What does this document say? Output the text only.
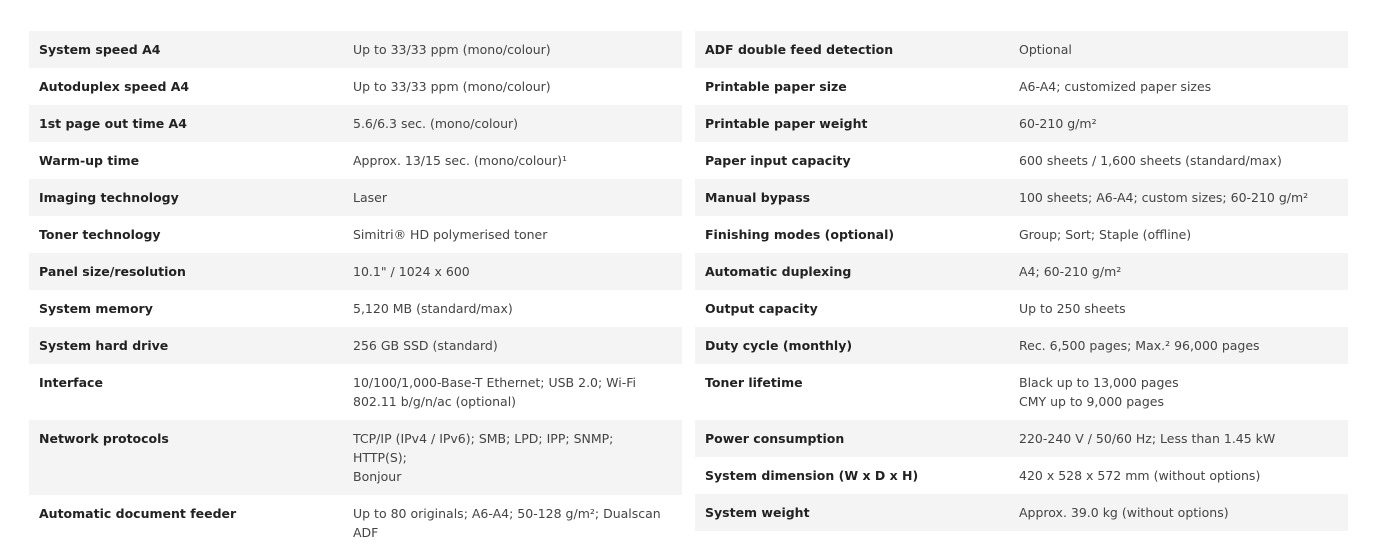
System speed A4	Up to 33/33 ppm (mono/colour)
Autoduplex speed A4	Up to 33/33 ppm (mono/colour)
1st page out time A4	5.6/6.3 sec. (mono/colour)
Warm-up time	Approx. 13/15 sec. (mono/colour)¹
Imaging technology	Laser
Toner technology	Simitri® HD polymerised toner
Panel size/resolution	10.1" / 1024 x 600
System memory	5,120 MB (standard/max)
System hard drive	256 GB SSD (standard)
Interface	10/100/1,000-Base-T Ethernet; USB 2.0; Wi-Fi
802.11 b/g/n/ac (optional)
Network protocols	TCP/IP (IPv4 / IPv6); SMB; LPD; IPP; SNMP; HTTP(S);
Bonjour
Automatic document feeder	Up to 80 originals; A6-A4; 50-128 g/m²; Dualscan
ADF
ADF double feed detection	Optional
Printable paper size	A6-A4; customized paper sizes
Printable paper weight	60-210 g/m²
Paper input capacity	600 sheets / 1,600 sheets (standard/max)
Manual bypass	100 sheets; A6-A4; custom sizes; 60-210 g/m²
Finishing modes (optional)	Group; Sort; Staple (offline)
Automatic duplexing	A4; 60-210 g/m²
Output capacity	Up to 250 sheets
Duty cycle (monthly)	Rec. 6,500 pages; Max.² 96,000 pages
Toner lifetime	Black up to 13,000 pages
CMY up to 9,000 pages
Power consumption	220-240 V / 50/60 Hz; Less than 1.45 kW
System dimension (W x D x H)	420 x 528 x 572 mm (without options)
System weight	Approx. 39.0 kg (without options)
